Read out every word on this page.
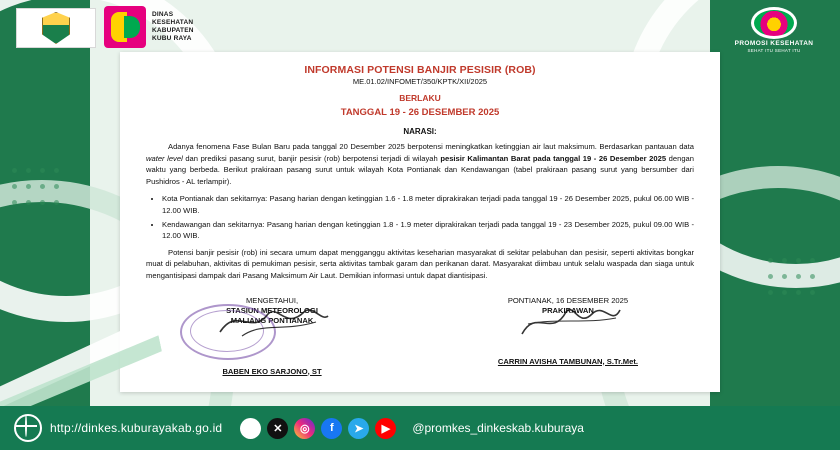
DINAS
KESEHATAN
KABUPATEN
KUBU RAYA
PROMOSI KESEHATAN
SEHAT ITU SEHAT ITU
INFORMASI POTENSI BANJIR PESISIR (ROB)

ME.01.02/INFOMET/350/KPTK/XII/2025

BERLAKU

TANGGAL 19 - 26 DESEMBER 2025

NARASI:

Adanya fenomena Fase Bulan Baru pada tanggal 20 Desember 2025 berpotensi meningkatkan ketinggian air laut maksimum. Berdasarkan pantauan data water level dan prediksi pasang surut, banjir pesisir (rob) berpotensi terjadi di wilayah pesisir Kalimantan Barat pada tanggal 19 - 26 Desember 2025 dengan waktu yang berbeda. Berikut prakiraan pasang surut untuk wilayah Kota Pontianak dan Kendawangan (tabel prakiraan pasang surut yang bersumber dari Pushidros - AL terlampir).

• Kota Pontianak dan sekitarnya: Pasang harian dengan ketinggian 1.6 - 1.8 meter diprakirakan terjadi pada tanggal 19 - 26 Desember 2025, pukul 06.00 WIB - 12.00 WIB.
• Kendawangan dan sekitarnya: Pasang harian dengan ketinggian 1.8 - 1.9 meter diprakirakan terjadi pada tanggal 19 - 23 Desember 2025, pukul 09.00 WIB - 12.00 WIB.

Potensi banjir pesisir (rob) ini secara umum dapat mengganggu aktivitas keseharian masyarakat di sekitar pelabuhan dan pesisir, seperti aktivitas bongkar muat di pelabuhan, aktivitas di pemukiman pesisir, serta aktivitas tambak garam dan perikanan darat. Masyarakat diimbau untuk selalu waspada dan siaga untuk mengantisipasi dampak dari Pasang Maksimum Air Laut. Demikian informasi untuk dapat diantisipasi.

MENGETAHUI,
STASIUN METEOROLOGI
MALIANG PONTIANAK
BABEN EKO SARJONO, ST
PONTIANAK, 16 DESEMBER 2025
PRAKIRAWAN
CARRIN AVISHA TAMBUNAN, S.Tr.Met.
http://dinkes.kuburayakab.go.id	♪	✕	◎	f	➤	▶	@promkes_dinkeskab.kuburaya
